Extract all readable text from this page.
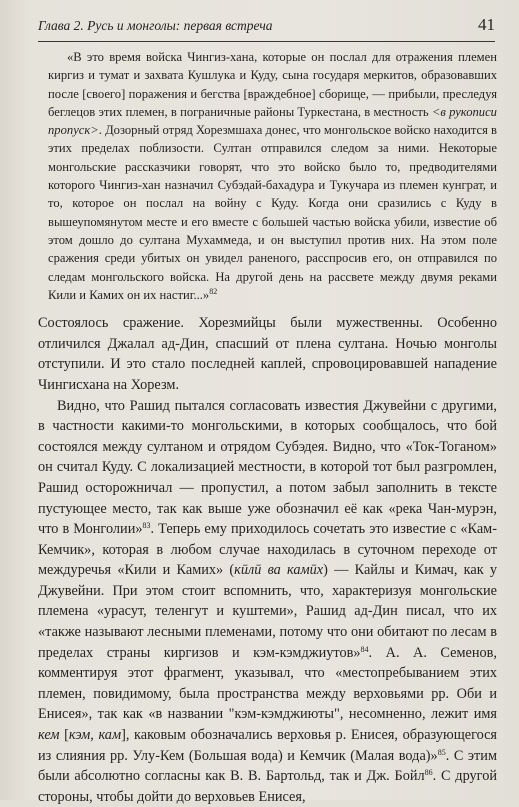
Глава 2. Русь и монголы: первая встреча	41

«В это время войска Чингиз-хана, которые он послал для отражения племен киргиз и тумат и захвата Кушлука и Куду, сына государя меркитов, образовавших после [своего] поражения и бегства [враждебное] сборище, — прибыли, преследуя беглецов этих племен, в пограничные районы Туркестана, в местность <в рукописи пропуск>. Дозорный отряд Хорезмшаха донес, что монгольское войско находится в этих пределах поблизости. Султан отправился следом за ними. Некоторые монгольские рассказчики говорят, что это войско было то, предводителями которого Чингиз-хан назначил Субэдай-бахадура и Тукучара из племен кунграт, и то, которое он послал на войну с Куду. Когда они сразились с Куду в вышеупомянутом месте и его вместе с большей частью войска убили, известие об этом дошло до султана Мухаммеда, и он выступил против них. На этом поле сражения среди убитых он увидел раненого, расспросив его, он отправился по следам монгольского войска. На другой день на рассвете между двумя реками Кили и Камих он их настиг...»$^{82}$

Состоялось сражение. Хорезмийцы были мужественны. Особенно отличился Джалал ад-Дин, спасший от плена султана. Ночью монголы отступили. И это стало последней каплей, спровоцировавшей нападение Чингисхана на Хорезм.

Видно, что Рашид пытался согласовать известия Джувейни с другими, в частности какими-то монгольскими, в которых сообщалось, что бой состоялся между султаном и отрядом Субэдея. Видно, что «Ток-Тоганом» он считал Куду. С локализацией местности, в которой тот был разгромлен, Рашид осторожничал — пропустил, а потом забыл заполнить в тексте пустующее место, так как выше уже обозначил её как «река Чан-мурэн, что в Монголии»$^{83}$. Теперь ему приходилось сочетать это известие с «Кам-Кемчик», которая в любом случае находилась в суточном переходе от междуречья «Кили и Камих» (кӣлӣ ва камӣх) — Кайлы и Кимач, как у Джувейни. При этом стоит вспомнить, что, характеризуя монгольские племена «урасут, теленгут и куштеми», Рашид ад-Дин писал, что их «также называют лесными племенами, потому что они обитают по лесам в пределах страны киргизов и кэм-кэмджиутов»$^{84}$. А. А. Семенов, комментируя этот фрагмент, указывал, что «местопребыванием этих племен, повидимому, была пространства между верховьями рр. Оби и Енисея», так как «в названии "кэм-кэмджиюты", несомненно, лежит имя кем [кэм, кам], каковым обозначались верховья р. Енисея, образующегося из слияния рр. Улу-Кем (Большая вода) и Кемчик (Малая вода)»$^{85}$. С этим были абсолютно согласны как В. В. Бартольд, так и Дж. Бойл$^{86}$. С другой стороны, чтобы дойти до верховьев Енисея,
